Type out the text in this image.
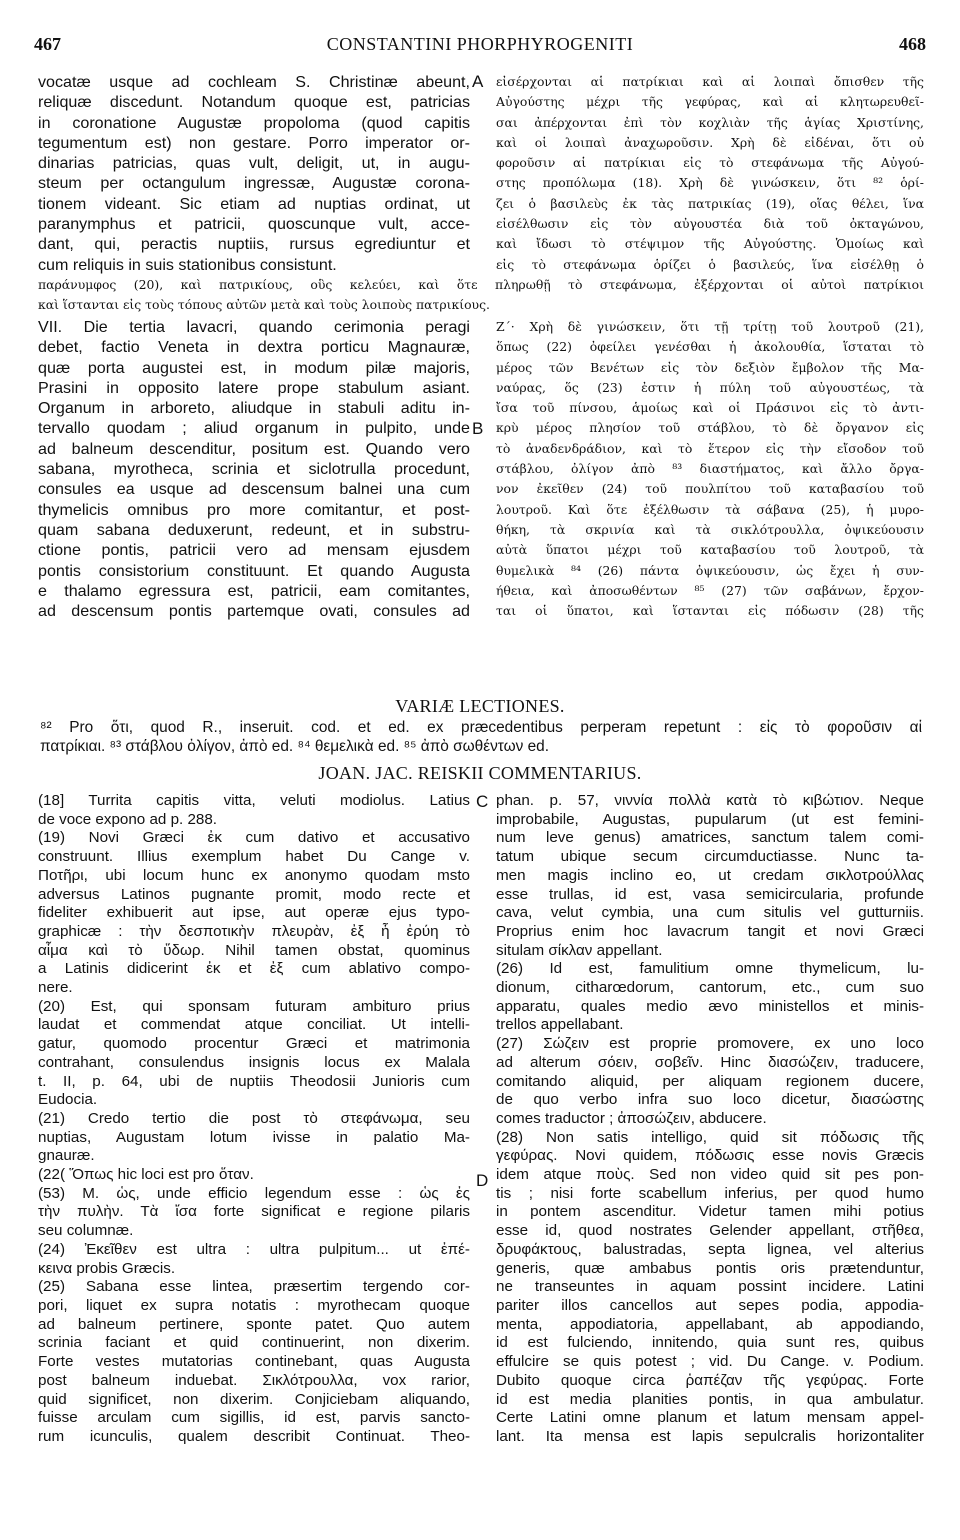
467	CONSTANTINI PHORPHYROGENITI	468
vocatæ usque ad cochleam S. Christinæ abeunt,
reliquæ discedunt. Notandum quoque est, patricias
in coronatione Augustæ propoloma (quod capitis
tegumentum est) non gestare. Porro imperator or-
dinarias patricias, quas vult, deligit, ut, in augu-
steum per octangulum ingressæ, Augustæ corona-
tionem videant. Sic etiam ad nuptias ordinat, ut
paranymphus et patricii, quoscunque vult, acce-
dant, qui, peractis nuptiis, rursus egrediuntur et
cum reliquis in suis stationibus consistunt.
A εἰσέρχονται αἱ πατρίκιαι καὶ αἱ λοιπαὶ ὄπισθεν τῆς
Αὐγούστης μέχρι τῆς γεφύρας, καὶ αἱ κλητωρευθεῖ-
σαι ἀπέρχονται ἐπὶ τὸν κοχλιὰν τῆς ἁγίας Χριστίνης,
καὶ οἱ λοιπαὶ ἀναχωροῦσιν. Χρὴ δὲ εἰδέναι, ὅτι οὐ
φοροῦσιν αἱ πατρίκιαι εἰς τὸ στεφάνωμα τῆς Αὐγού-
στης προπόλωμα (18). Χρὴ δὲ γινώσκειν, ὅτι ⁸² ὁρί-
ζει ὁ βασιλεὺς ἐκ τὰς πατρικίας (19), οἵας θέλει, ἵνα
εἰσέλθωσιν εἰς τὸν αὐγουστέα διὰ τοῦ ὀκταγώνου,
καὶ ἴδωσι τὸ στέψιμον τῆς Αὐγούστης. Ὁμοίως καὶ
εἰς τὸ στεφάνωμα ὁρίζει ὁ βασιλεύς, ἵνα εἰσέλθῃ ὁ
παράνυμφος (20), καὶ πατρικίους, οὓς κελεύει, καὶ ὅτε πληρωθῇ τὸ στεφάνωμα, ἐξέρχονται οἱ αὐτοὶ πατρίκιοι
καὶ ἵστανται εἰς τοὺς τόπους αὐτῶν μετὰ καὶ τοὺς λοιποὺς πατρικίους.
VII. Die tertia lavacri, quando cerimonia peragi
debet, factio Veneta in dextra porticu Magnauræ,
quæ porta augustei est, in modum pilæ majoris,
Prasini in opposito latere prope stabulum asiant.
Organum in arboreto, aliudque in stabuli aditu in-
tervallo quodam ; aliud organum in pulpito, unde
ad balneum descenditur, positum est. Quando vero
sabana, myrotheca, scrinia et siclotrulla procedunt,
consules ea usque ad descensum balnei una cum
thymelicis omnibus pro more comitantur, et post-
quam sabana deduxerunt, redeunt, et in substru-
ctione pontis, patricii vero ad mensam ejusdem
pontis consistorium constituunt. Et quando Augusta
e thalamo egressura est, patricii, eam comitantes,
ad descensum pontis partemque ovati, consules ad
B
Ζ΄· Χρὴ δὲ γινώσκειν, ὅτι τῇ τρίτῃ τοῦ λουτροῦ (21),
ὅπως (22) ὀφείλει γενέσθαι ἡ ἀκολουθία, ἵσταται τὸ
μέρος τῶν Βενέτων εἰς τὸν δεξιὸν ἔμβολον τῆς Μα-
ναύρας, ὅς (23) ἐστιν ἡ πύλη τοῦ αὐγουστέως, τὰ
ἴσα τοῦ πίνσου, ἁμοίως καὶ οἱ Πράσινοι εἰς τὸ ἀντι-
κρὺ μέρος πλησίον τοῦ στάβλου, τὸ δὲ ὄργανον εἰς
τὸ ἀναδενδράδιον, καὶ τὸ ἕτερον εἰς τὴν εἴσοδον τοῦ
στάβλου, ὀλίγον ἀπὸ ⁸³ διαστήματος, καὶ ἄλλο ὄργα-
νον ἐκεῖθεν (24) τοῦ πουλπίτου τοῦ καταβασίου τοῦ
λουτροῦ. Καὶ ὅτε ἐξέλθωσιν τὰ σάβανα (25), ἡ μυρο-
θήκη, τὰ σκρινία καὶ τὰ σικλότρουλλα, ὀψικεύουσιν
αὐτὰ ὕπατοι μέχρι τοῦ καταβασίου τοῦ λουτροῦ, τὰ
θυμελικὰ ⁸⁴ (26) πάντα ὀψικεύουσιν, ὡς ἔχει ἡ συν-
ήθεια, καὶ ἀποσωθέντων ⁸⁵ (27) τῶν σαβάνων, ἔρχον-
ται οἱ ὕπατοι, καὶ ἵστανται εἰς πόδωσιν (28) τῆς
VARIÆ LECTIONES.
⁸² Pro ὅτι, quod R., inseruit. cod. et ed. ex præcedentibus perperam repetunt : εἰς τὸ φοροῦσιν αἱ
πατρίκιαι. ⁸³ στάβλου ὀλίγον, ἀπὸ ed. ⁸⁴ θεμελικὰ ed. ⁸⁵ ἀπὸ σωθέντων ed.
JOAN. JAC. REISKII COMMENTARIUS.
(18] Turrita capitis vitta, veluti modiolus. Latius
de voce expono ad p. 288.
(19) Novi Græci ἐκ cum dativo et accusativo
construunt. Illius exemplum habet Du Cange v.
Ποτῆρι, ubi locum hunc ex anonymo quodam msto
adversus Latinos pugnante promit, modo recte et
fideliter exhibuerit aut ipse, aut operæ ejus typo-
graphicæ : τὴν δεσποτικὴν πλευρὰν, ἐξ ἧ ἐρύη τὸ
αἷμα καὶ τὸ ὕδωρ. Nihil tamen obstat, quominus
a Latinis didicerint ἐκ et ἐξ cum ablativo compo-
nere.
(20) Est, qui sponsam futuram ambituro prius
laudat et commendat atque conciliat. Ut intelli-
gatur, quomodo procentur Græci et matrimonia
contrahant, consulendus insignis locus ex Malala
t. II, p. 64, ubi de nuptiis Theodosii Junioris cum
Eudocia.
(21) Credo tertio die post τὸ στεφάνωμα, seu
nuptias, Augustam lotum ivisse in palatio Ma-
gnauræ.
(22( Ὅπως hic loci est pro ὅταν.
(53) M. ὡς, unde efficio legendum esse : ὡς ἐς
τὴν πυλὴν. Τὰ ἴσα forte significat e regione pilaris
seu columnæ.
(24) Ἐκεῖθεν est ultra : ultra pulpitum... ut ἐπέ-
κεινα probis Græcis.
(25) Sabana esse lintea, præsertim tergendo cor-
pori, liquet ex supra notatis : myrothecam quoque
ad balneum pertinere, sponte patet. Quo autem
scrinia faciant et quid continuerint, non dixerim.
Forte vestes mutatorias continebant, quas Augusta
post balneum induebat. Σικλότρουλλα, vox rarior,
quid significet, non dixerim. Conjiciebam aliquando,
fuisse arculam cum sigillis, id est, parvis sancto-
rum icunculis, qualem describit Continuat. Theo-
C
D
phan. p. 57, νιννία πολλὰ κατὰ τὸ κιβώτιον. Neque
improbabile, Augustas, pupularum (ut est femini-
num leve genus) amatrices, sanctum talem comi-
tatum ubique secum circumductiasse. Nunc ta-
men magis inclino eo, ut credam σικλοτρούλλας
esse trullas, id est, vasa semicircularia, profunde
cava, velut cymbia, una cum situlis vel gutturniis.
Proprius enim hoc lavacrum tangit et novi Græci
situlam σίκλαν appellant.
(26) Id est, famulitium omne thymelicum, lu-
dionum, citharœdorum, cantorum, etc., cum suo
apparatu, quales medio ævo ministellos et minis-
trellos appellabant.
(27) Σώζειν est proprie promovere, ex uno loco
ad alterum σόειν, σοβεῖν. Hinc διασώζειν, traducere,
comitando aliquid, per aliquam regionem ducere,
de quo verbo infra suo loco dicetur, διασώστης
comes traductor ; ἀποσώζειν, abducere.
(28) Non satis intelligo, quid sit πόδωσις τῆς
γεφύρας. Novi quidem, πόδωσις esse novis Græcis
idem atque ποὺς. Sed non video quid sit pes pon-
tis ; nisi forte scabellum inferius, per quod humo
in pontem ascenditur. Videtur tamen mihi potius
esse id, quod nostrates Gelender appellant, στῆθεα,
δρυφάκτους, balustradas, septa lignea, vel alterius
generis, quæ ambabus pontis oris prætenduntur,
ne transeuntes in aquam possint incidere. Latini
pariter illos cancellos aut sepes podia, appodia-
menta, appodiatoria, appellabant, ab appodiando,
id est fulciendo, innitendo, quia sunt res, quibus
effulcire se quis potest ; vid. Du Cange. v. Podium.
Dubito quoque circa ῥαπέζαν τῆς γεφύρας. Forte
id est media planities pontis, in qua ambulatur.
Certe Latini omne planum et latum mensam appel-
lant. Ita mensa est lapis sepulcralis horizontaliter
